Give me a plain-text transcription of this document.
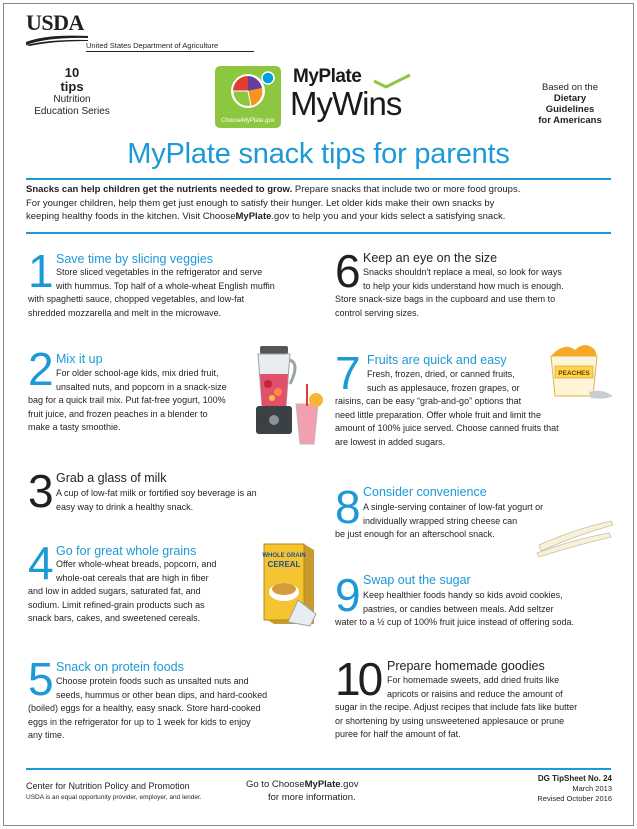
USDA
United States Department of Agriculture
10
tips
Nutrition
Education Series
ChooseMyPlate.gov
MyPlate
MyWins	Based on the
Dietary
Guidelines
for Americans
MyPlate snack tips for parents
Snacks can help children get the nutrients needed to grow. Prepare snacks that include two or more food groups.
For younger children, help them get just enough to satisfy their hunger. Let older kids make their own snacks by
keeping healthy foods in the kitchen. Visit ChooseMyPlate.gov to help you and your kids select a satisfying snack.
1 Save time by slicing veggies
Store sliced vegetables in the refrigerator and serve
with hummus. Top half of a whole-wheat English muffin
with spaghetti sauce, chopped vegetables, and low-fat
shredded mozzarella and melt in the microwave.
2 Mix it up
For older school-age kids, mix dried fruit,
unsalted nuts, and popcorn in a snack-size
bag for a quick trail mix. Put fat-free yogurt, 100%
fruit juice, and frozen peaches in a blender to
make a tasty smoothie.
3 Grab a glass of milk
A cup of low-fat milk or fortified soy beverage is an
easy way to drink a healthy snack.
4 Go for great whole grains
Offer whole-wheat breads, popcorn, and
whole-oat cereals that are high in fiber
and low in added sugars, saturated fat, and
sodium. Limit refined-grain products such as
snack bars, cakes, and sweetened cereals.
WHOLE GRAIN
CEREAL
5 Snack on protein foods
Choose protein foods such as unsalted nuts and
seeds, hummus or other bean dips, and hard-cooked
(boiled) eggs for a healthy, easy snack. Store hard-cooked
eggs in the refrigerator for up to 1 week for kids to enjoy
any time.
6 Keep an eye on the size
Snacks shouldn't replace a meal, so look for ways
to help your kids understand how much is enough.
Store snack-size bags in the cupboard and use them to
control serving sizes.
7 Fruits are quick and easy
Fresh, frozen, dried, or canned fruits,
such as applesauce, frozen grapes, or
raisins, can be easy “grab-and-go” options that
need little preparation. Offer whole fruit and limit the
amount of 100% juice served. Choose canned fruits that
are lowest in added sugars.
PEACHES
8 Consider convenience
A single-serving container of low-fat yogurt or
individually wrapped string cheese can
be just enough for an afterschool snack.
9 Swap out the sugar
Keep healthier foods handy so kids avoid cookies,
pastries, or candies between meals. Add seltzer
water to a ½ cup of 100% fruit juice instead of offering soda.
10 Prepare homemade goodies
For homemade sweets, add dried fruits like
apricots or raisins and reduce the amount of
sugar in the recipe. Adjust recipes that include fats like butter
or shortening by using unsweetened applesauce or prune
puree for half the amount of fat.
Center for Nutrition Policy and Promotion
USDA is an equal opportunity provider, employer, and lender.
Go to ChooseMyPlate.gov
for more information.
DG TipSheet No. 24
March 2013
Revised October 2016
